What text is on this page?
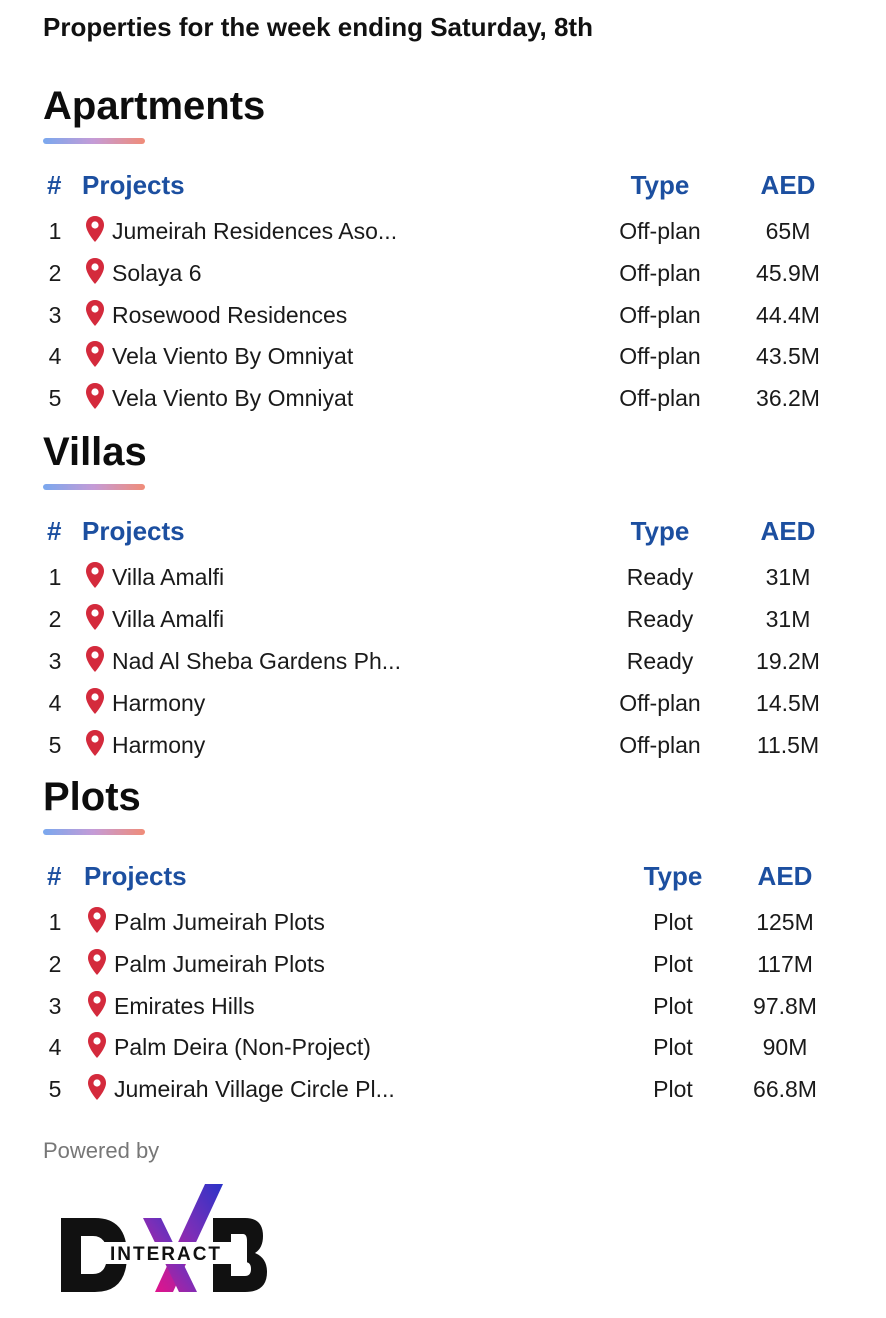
Properties for the week ending Saturday, 8th
Apartments
# Projects	Type	AED
1 Jumeirah Residences Aso...	Off-plan	65M
2 Solaya 6	Off-plan	45.9M
3 Rosewood Residences	Off-plan	44.4M
4 Vela Viento By Omniyat	Off-plan	43.5M
5 Vela Viento By Omniyat	Off-plan	36.2M
Villas
# Projects	Type	AED
1 Villa Amalfi	Ready	31M
2 Villa Amalfi	Ready	31M
3 Nad Al Sheba Gardens Ph...	Ready	19.2M
4 Harmony	Off-plan	14.5M
5 Harmony	Off-plan	11.5M
Plots
# Projects	Type	AED
1 Palm Jumeirah Plots	Plot	125M
2 Palm Jumeirah Plots	Plot	117M
3 Emirates Hills	Plot	97.8M
4 Palm Deira (Non-Project)	Plot	90M
5 Jumeirah Village Circle Pl...	Plot	66.8M
Powered by
INTERACT
